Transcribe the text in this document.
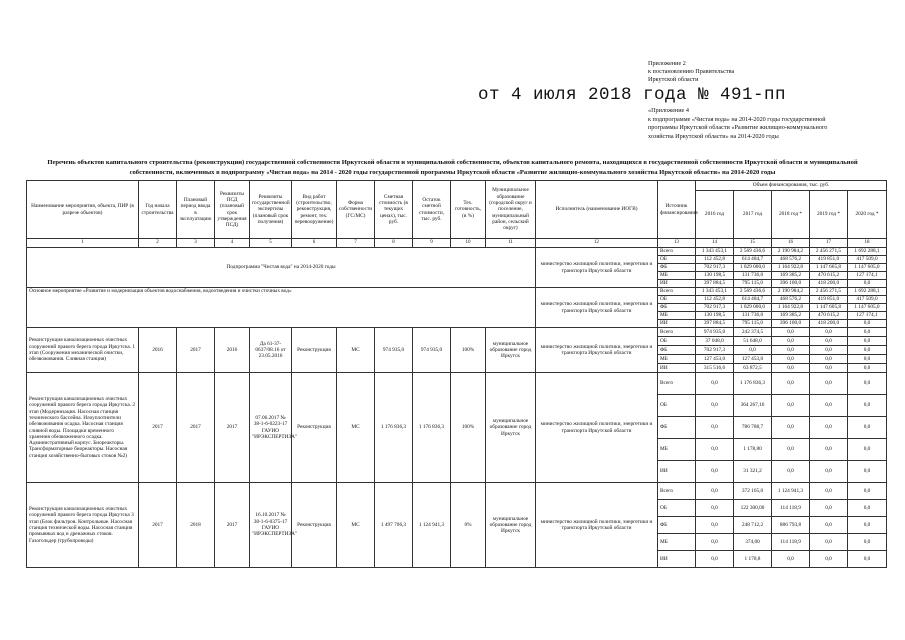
Приложение 2
к постановлению Правительства
Иркутской области
от 4 июля 2018 года № 491-пп
«Приложение 4
к подпрограмме «Чистая вода» на 2014-2020 годы государственной
программы Иркутской области «Развитие жилищно-коммунального
хозяйства Иркутской области» на 2014-2020 годы
Перечень объектов капитального строительства (реконструкции) государственной собственности Иркутской области и муниципальной собственности, объектов капитального ремонта, находящихся в государственной собственности Иркутской области и муниципальной собственности, включенных в подпрограмму «Чистая вода» на 2014 - 2020 годы государственной программы Иркутской области «Развитие жилищно-коммунального хозяйства Иркутской области» на 2014-2020 годы
Наименование мероприятия, объекта, ПИР (в разрезе объектов)	Год начала строительства	Плановый период ввода в эксплуатацию	Реквизиты ПСД (плановый срок утверждения ПСД)	Реквизиты государственной экспертизы (плановый срок получения)	Вид работ (строительство, реконструкция, ремонт, тех. перевооружение)	Форма собственности (ГС/МС)	Сметная стоимость (в текущих ценах), тыс. руб.	Остаток сметной стоимости, тыс. руб.	Тех. готовность, (в %)	Муниципальное образование (городской округ и поселение, муниципальный район, сельский округ)	Исполнитель (наименование ИОГВ)	Источник финансирования	Объем финансирования, тыс. руб.				
													2016 год	2017 год	2018 год *	2019 год *	2020 год *
1	2	3	4	5	6	7	8	9	10	11	12	13	14	15	16	17	18
Подпрограмма "Чистая вода" на 2014-2020 годы											министерство жилищной политики, энергетики и транспорта Иркутской области	Всего	1 343 453,1	2 569 436,6	2 190 984,2	2 456 271,5	1 692 288,1
												ОБ	112 452,8	614 484,7	468 576,2	419 851,0	417 509,0
												ФБ	702 917,3	1 029 000,0	1 164 922,8	1 147 665,8	1 147 605,0
												МБ	130 198,5	131 736,0	169 385,2	470 615,2	127 174,1
												ИИ	397 884,5	795 115,0	396 100,0	418 200,0	0,0
Основное мероприятие «Развитие и модернизация объектов водоснабжения, водоотведения и очистки сточных вод»											министерство жилищной политики, энергетики и транспорта Иркутской области	Всего	1 343 453,1	2 569 436,6	2 190 984,2	2 456 271,5	1 692 288,1
												ОБ	112 452,8	614 484,7	468 576,2	419 851,0	417 509,0
												ФБ	702 917,3	1 029 000,0	1 164 922,8	1 147 605,8	1 147 605,0
												МБ	130 198,5	131 736,0	169 385,2	470 615,2	127 174,1
												ИИ	397 884,5	795 115,0	396 100,0	418 200,0	0,0
Реконструкция канализационных очистных сооружений правого берега города Иркутска. 1 этап (Сооружения механической очистки, обезвоживания. Сливная станция)	2016	2017	2016	Да 61-37-0637/08.16 от 23.05.2016	Реконструкция	МС	974 935,0	974 935,0	100%	муниципальное образование город Иркутск	министерство жилищной политики, энергетики и транспорта Иркутской области	Всего	974 935,0	242 374,5	0,0	0,0	0,0
												ОБ	37 048,0	51 648,0	0,0	0,0	0,0
												ФБ	702 917,3	0,0	0,0	0,0	0,0
												МБ	127 453,0	127 453,0	0,0	0,0	0,0
												ИИ	315 516,6	63 872,5	0,0	0,0	0,0
Реконструкция канализационных очистных сооружений правого берега города Иркутска. 2 этап (Модернизация. Насосная станция технического бассейна. Илоуплотнители обезвоживания осадка. Насосная станция сливной воды. Площадки временного хранения обезвоженного осадка. Административный корпус. Биореакторы. Трансформаторные биореакторы. Насосная станция хозяйственно-бытовых стоков №2)	2017	2017	2017	07.06.2017 № 38-1-6-0223-17 ГАУИО "ИРЭКСПЕРТИЗА"	Реконструкция	МС	1 176 836,3	1 176 836,3	100%	муниципальное образование город Иркутск	министерство жилищной политики, энергетики и транспорта Иркутской области	Всего	0,0	1 176 836,3	0,0	0,0	0,0
												ОБ	0,0	364 267,16	0,0	0,0	0,0
												ФБ	0,0	786 788,7	0,0	0,0	0,0
												МБ	0,0	1 178,80	0,0	0,0	0,0
												ИИ	0,0	31 321,2	0,0	0,0	0,0
Реконструкция канализационных очистных сооружений правого берега города Иркутска 3 этап (Блок фильтров. Контрольные. Насосная станция технической воды. Насосная станция промывных вод и дренажных стоков. Газогольдер (трубопроводы)	2017	2018	2017	16.10.2017 № 38-1-6-0375-17 ГАУИО "ИРЭКСПЕРТИЗА"	Реконструкция	МС	1 497 706,3	1 124 941,3	0%	муниципальное образование город Иркутск	министерство жилищной политики, энергетики и транспорта Иркутской области	Всего	0,0	372 165,0	1 124 941,3	0,0	0,0
												ОБ	0,0	122 300,00	114 118,9	0,0	0,0
												ФБ	0,0	248 712,2	886 793,8	0,0	0,0
												МБ	0,0	374,00	114 118,9	0,0	0,0
												ИИ	0,0	1 178,8	0,0	0,0	0,0
